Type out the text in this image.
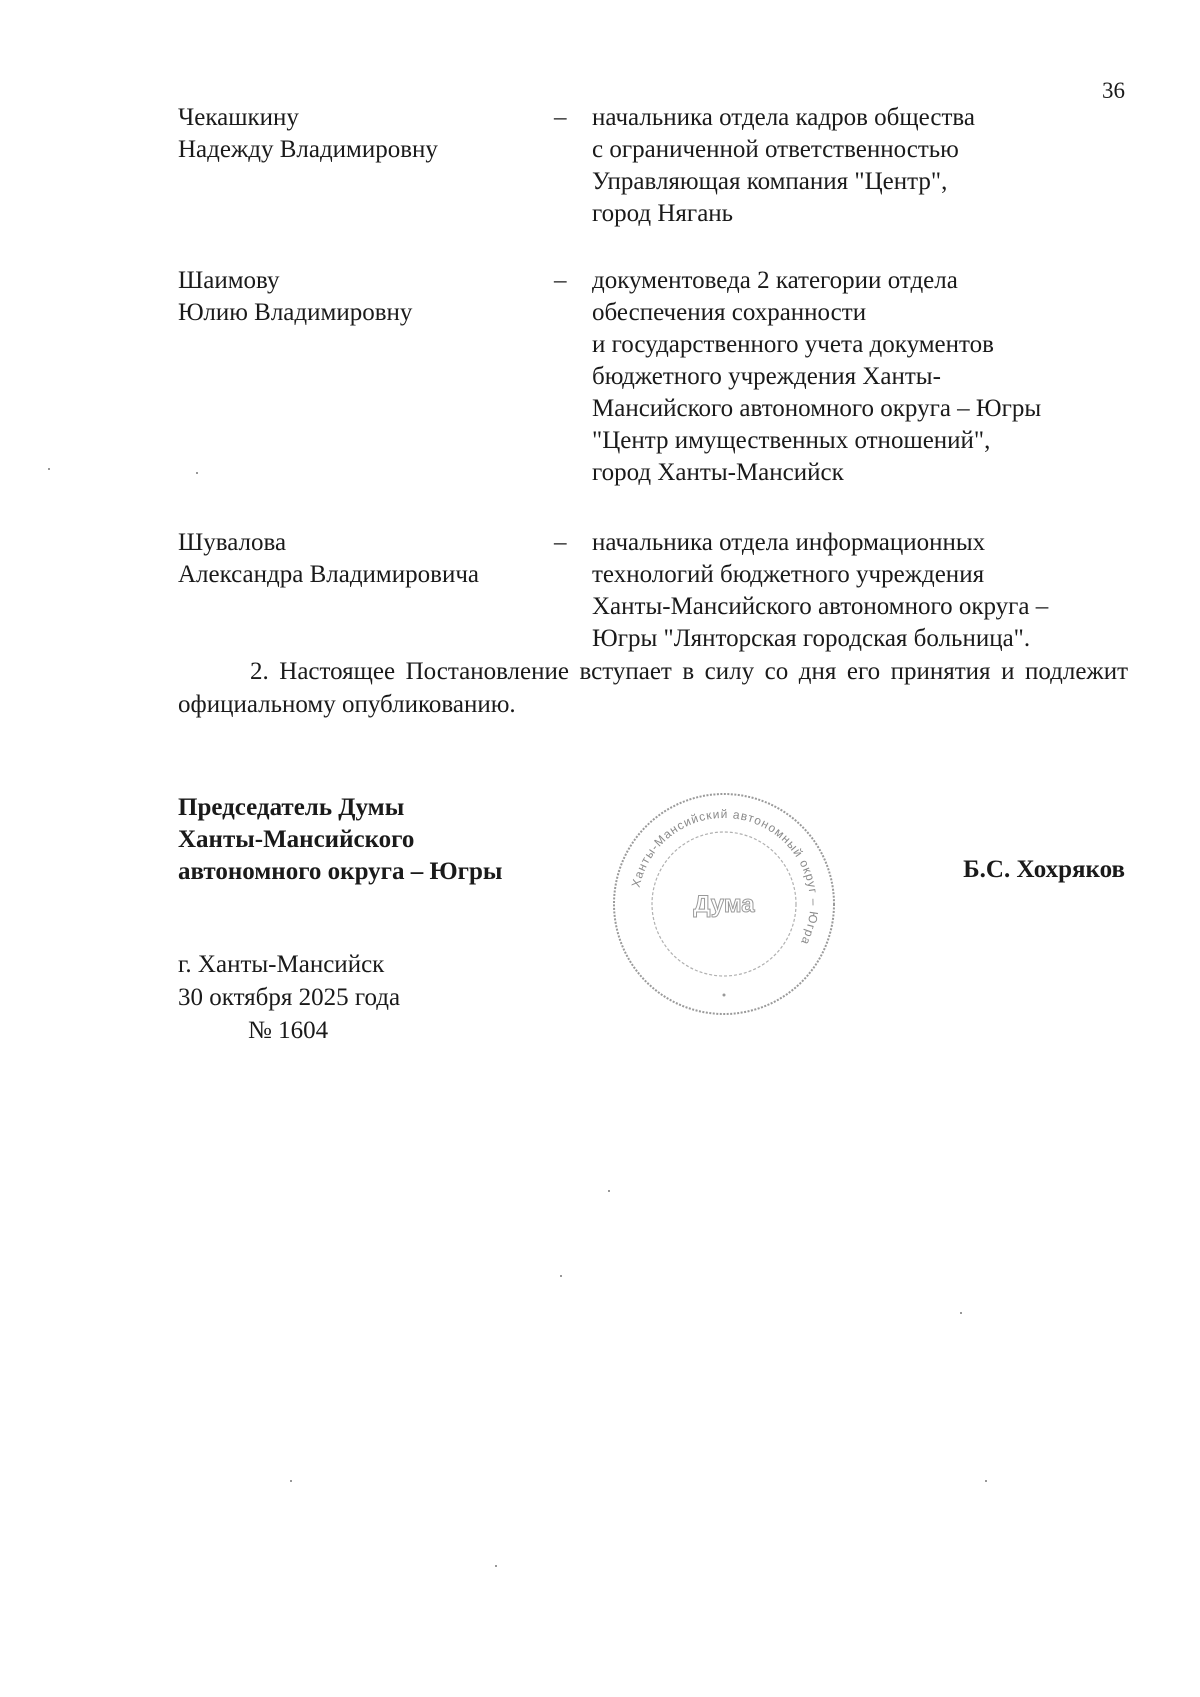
36
Чекашкину
Надежду Владимировну
– начальника отдела кадров общества
с ограниченной ответственностью
Управляющая компания "Центр",
город Нягань
Шаимову
Юлию Владимировну
– документоведа 2 категории отдела
обеспечения сохранности
и государственного учета документов
бюджетного учреждения Ханты-
Мансийского автономного округа – Югры
"Центр имущественных отношений",
город Ханты-Мансийск
Шувалова
Александра Владимировича
– начальника отдела информационных
технологий бюджетного учреждения
Ханты-Мансийского автономного округа –
Югры "Лянторская городская больница".
2. Настоящее Постановление вступает в силу со дня его принятия и подлежит официальному опубликованию.
Председатель Думы
Ханты-Мансийского
автономного округа – Югры	Ханты-Мансийский автономный округ – Югра
Дума
Б.С. Хохряков
г. Ханты-Мансийск
30 октября 2025 года
№ 1604
